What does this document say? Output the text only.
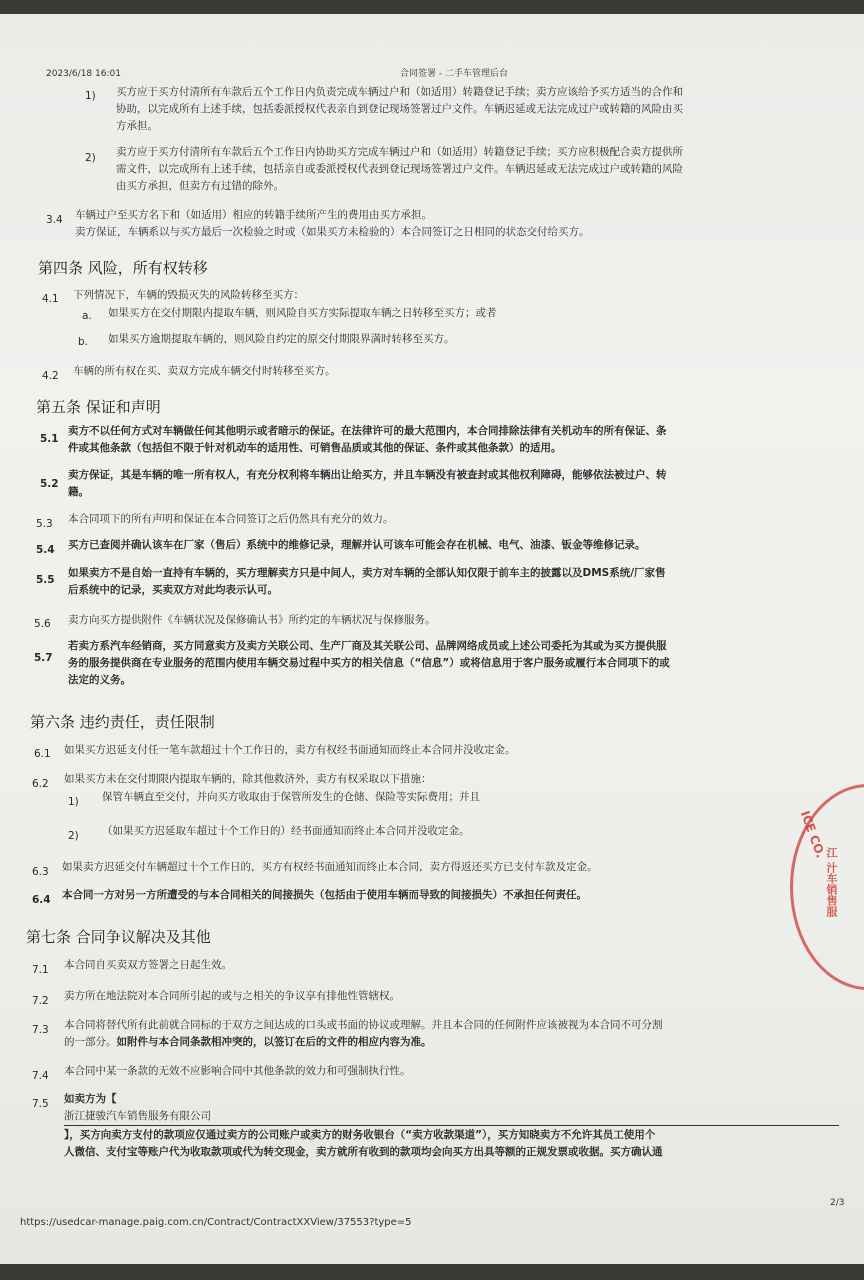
2023/6/18 16:01	合同签署 - 二手车管理后台
1) 买方应于买方付清所有车款后五个工作日内负责完成车辆过户和（如适用）转籍登记手续；卖方应该给予买方适当的合作和
协助，以完成所有上述手续，包括委派授权代表亲自到登记现场签署过户文件。车辆迟延或无法完成过户或转籍的风险由买
方承担。
2) 卖方应于买方付清所有车款后五个工作日内协助买方完成车辆过户和（如适用）转籍登记手续；买方应积极配合卖方提供所
需文件，以完成所有上述手续，包括亲自或委派授权代表到登记现场签署过户文件。车辆迟延或无法完成过户或转籍的风险
由买方承担，但卖方有过错的除外。
3.4 车辆过户至买方名下和（如适用）相应的转籍手续所产生的费用由买方承担。
卖方保证，车辆系以与买方最后一次检验之时或（如果买方未检验的）本合同签订之日相同的状态交付给买方。
第四条 风险，所有权转移
4.1 下列情况下，车辆的毁损灭失的风险转移至买方：
a. 如果买方在交付期限内提取车辆，则风险自买方实际提取车辆之日转移至买方；或者
b. 如果买方逾期提取车辆的，则风险自约定的原交付期限界满时转移至买方。
4.2 车辆的所有权在买、卖双方完成车辆交付时转移至买方。
第五条 保证和声明
5.1
卖方不以任何方式对车辆做任何其他明示或者暗示的保证。在法律许可的最大范围内，本合同排除法律有关机动车的所有保证、条
件或其他条款（包括但不限于针对机动车的适用性、可销售品质或其他的保证、条件或其他条款）的适用。
5.2
卖方保证，其是车辆的唯一所有权人，有充分权利将车辆出让给买方，并且车辆没有被查封或其他权利障碍，能够依法被过户、转
籍。
5.3 本合同项下的所有声明和保证在本合同签订之后仍然具有充分的效力。
5.4 买方已查阅并确认该车在厂家（售后）系统中的维修记录，理解并认可该车可能会存在机械、电气、油漆、钣金等维修记录。
5.5
如果卖方不是自始一直持有车辆的，买方理解卖方只是中间人，卖方对车辆的全部认知仅限于前车主的披露以及DMS系统/厂家售
后系统中的记录，买卖双方对此均表示认可。
5.6 卖方向买方提供附件《车辆状况及保修确认书》所约定的车辆状况与保修服务。
5.7
若卖方系汽车经销商，买方同意卖方及卖方关联公司、生产厂商及其关联公司、品牌网络成员或上述公司委托为其或为买方提供服
务的服务提供商在专业服务的范围内使用车辆交易过程中买方的相关信息（“信息”）或将信息用于客户服务或履行本合同项下的或
法定的义务。
第六条 违约责任，责任限制
6.1 如果买方迟延支付任一笔车款超过十个工作日的，卖方有权经书面通知而终止本合同并没收定金。
6.2 如果买方未在交付期限内提取车辆的，除其他救济外，卖方有权采取以下措施：
1) 保管车辆直至交付，并向买方收取由于保管所发生的仓储、保险等实际费用；并且
2) （如果买方迟延取车超过十个工作日的）经书面通知而终止本合同并没收定金。
6.3 如果卖方迟延交付车辆超过十个工作日的，买方有权经书面通知而终止本合同，卖方得返还买方已支付车款及定金。
6.4 本合同一方对另一方所遭受的与本合同相关的间接损失（包括由于使用车辆而导致的间接损失）不承担任何责任。
第七条 合同争议解决及其他
7.1 本合同自买卖双方签署之日起生效。
7.2 卖方所在地法院对本合同所引起的或与之相关的争议享有排他性管辖权。
7.3 本合同将替代所有此前就合同标的于双方之间达成的口头或书面的协议或理解。并且本合同的任何附件应该被视为本合同不可分割
的一部分。如附件与本合同条款相冲突的，以签订在后的文件的相应内容为准。
7.4 本合同中某一条款的无效不应影响合同中其他条款的效力和可强制执行性。
7.5 如卖方为【
浙江捷骏汽车销售服务有限公司
】，买方向卖方支付的款项应仅通过卖方的公司账户或卖方的财务收银台（“卖方收款渠道”），买方知晓卖方不允许其员工使用个
人微信、支付宝等账户代为收取款项或代为转交现金，卖方就所有收到的款项均会向买方出具等额的正规发票或收据。买方确认通
2/3
https://usedcar-manage.paig.com.cn/Contract/ContractXXView/37553?type=5
ICE CO.
江 汁车销售服
